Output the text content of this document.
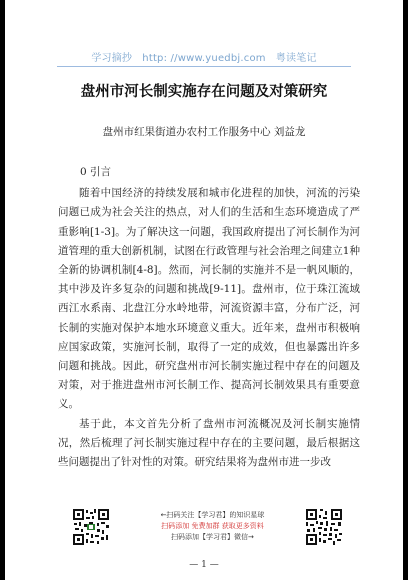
学习摘抄 http: //www.yuedbj.com 粤读笔记
盘州市河长制实施存在问题及对策研究
盘州市红果街道办农村工作服务中心 刘益龙

0 引言

随着中国经济的持续发展和城市化进程的加快，河流的污染问题已成为社会关注的热点，对人们的生活和生态环境造成了严重影响[1-3]。为了解决这一问题，我国政府提出了河长制作为河道管理的重大创新机制，试图在行政管理与社会治理之间建立1种全新的协调机制[4-8]。然而，河长制的实施并不是一帆风顺的，其中涉及许多复杂的问题和挑战[9-11]。盘州市，位于珠江流域西江水系南、北盘江分水岭地带，河流资源丰富，分布广泛，河长制的实施对保护本地水环境意义重大。近年来，盘州市积极响应国家政策，实施河长制，取得了一定的成效，但也暴露出许多问题和挑战。因此，研究盘州市河长制实施过程中存在的问题及对策，对于推进盘州市河长制工作、提高河长制效果具有重要意义。

基于此，本文首先分析了盘州市河流概况及河长制实施情况，然后梳理了河长制实施过程中存在的主要问题，最后根据这些问题提出了针对性的对策。研究结果将为盘州市进一步改

←扫码关注【学习君】的知识星球
扫码添加 免费加群 获取更多资料
扫码添加【学习君】微信→
— 1 —
